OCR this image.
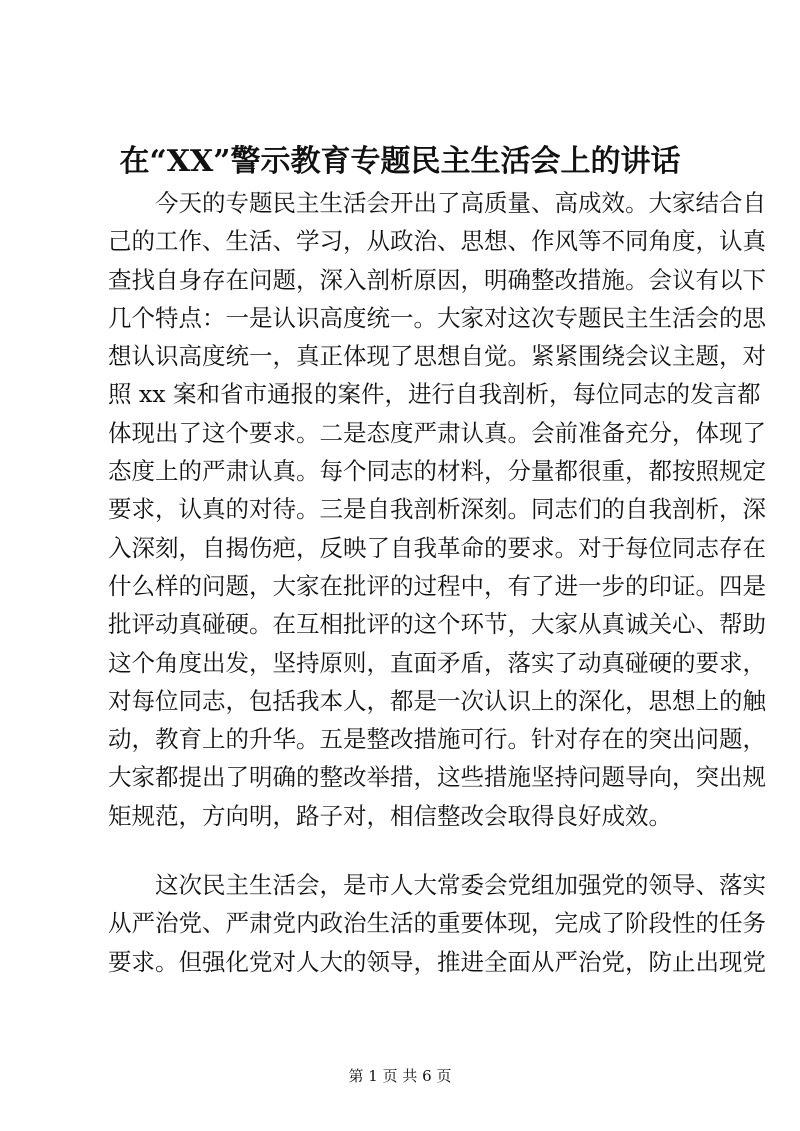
在“XX”警示教育专题民主生活会上的讲话
今天的专题民主生活会开出了高质量、高成效。大家结合自
己的工作、生活、学习，从政治、思想、作风等不同角度，认真
查找自身存在问题，深入剖析原因，明确整改措施。会议有以下
几个特点：一是认识高度统一。大家对这次专题民主生活会的思
想认识高度统一，真正体现了思想自觉。紧紧围绕会议主题，对
照 xx 案和省市通报的案件，进行自我剖析，每位同志的发言都
体现出了这个要求。二是态度严肃认真。会前准备充分，体现了
态度上的严肃认真。每个同志的材料，分量都很重，都按照规定
要求，认真的对待。三是自我剖析深刻。同志们的自我剖析，深
入深刻，自揭伤疤，反映了自我革命的要求。对于每位同志存在
什么样的问题，大家在批评的过程中，有了进一步的印证。四是
批评动真碰硬。在互相批评的这个环节，大家从真诚关心、帮助
这个角度出发，坚持原则，直面矛盾，落实了动真碰硬的要求，
对每位同志，包括我本人，都是一次认识上的深化，思想上的触
动，教育上的升华。五是整改措施可行。针对存在的突出问题，
大家都提出了明确的整改举措，这些措施坚持问题导向，突出规
矩规范，方向明，路子对，相信整改会取得良好成效。
这次民主生活会，是市人大常委会党组加强党的领导、落实
从严治党、严肃党内政治生活的重要体现，完成了阶段性的任务
要求。但强化党对人大的领导，推进全面从严治党，防止出现党
第 1 页 共 6 页
